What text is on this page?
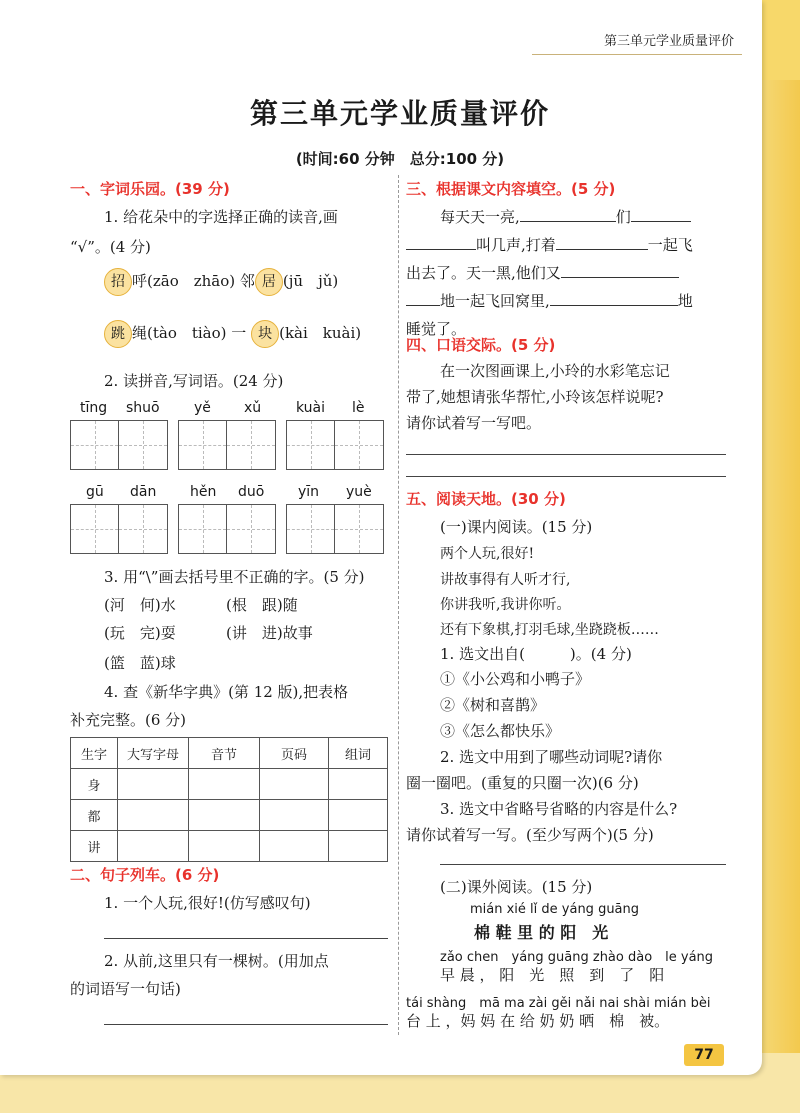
第三单元学业质量评价
第三单元学业质量评价
(时间:60 分钟　总分:100 分)
一、字词乐园。(39 分)
1. 给花朵中的字选择正确的读音,画
“√”。(4 分)
招 呼(zāo　zhāo) 邻 居 (jū　jǔ)
跳 绳(tào　tiào) 一 块 (kài　kuài)
2. 读拼音,写词语。(24 分)
tīng shuō yě xǔ kuài lè
gū dān hěn duō yīn yuè
3. 用“\”画去括号里不正确的字。(5 分)
(河　何)水	(根　跟)随
(玩　完)耍	(讲　进)故事
(篮　蓝)球
4. 查《新华字典》(第 12 版),把表格
补充完整。(6 分)
生字	大写字母	音节	页码	组词
身				
都				
讲				
二、句子列车。(6 分)
1. 一个人玩,很好!(仿写感叹句)
2. 从前,这里只有一棵树。(用加点
的词语写一句话)
三、根据课文内容填空。(5 分)
每天天一亮,	们
叫几声,打着	一起飞
出去了。天一黑,他们又
地一起飞回窝里,	地
睡觉了。
四、口语交际。(5 分)
在一次图画课上,小玲的水彩笔忘记
带了,她想请张华帮忙,小玲该怎样说呢?
请你试着写一写吧。
五、阅读天地。(30 分)
(一)课内阅读。(15 分)
两个人玩,很好!
讲故事得有人听才行,
你讲我听,我讲你听。
还有下象棋,打羽毛球,坐跷跷板……
1. 选文出自(　　　)。(4 分)
①《小公鸡和小鸭子》
②《树和喜鹊》
③《怎么都快乐》
2. 选文中用到了哪些动词呢?请你
圈一圈吧。(重复的只圈一次)(6 分)
3. 选文中省略号省略的内容是什么?
请你试着写一写。(至少写两个)(5 分)
(二)课外阅读。(15 分)
mián xié lǐ de yáng guāng
棉 鞋 里 的 阳　光
zǎo chen　yáng guāng zhào dào　le yáng
早 晨 ， 阳　光　照　到　了　阳
tái shàng　mā ma zài gěi nǎi nai shài mián bèi
台 上 ，妈 妈 在 给 奶 奶 晒　棉　被。
77
